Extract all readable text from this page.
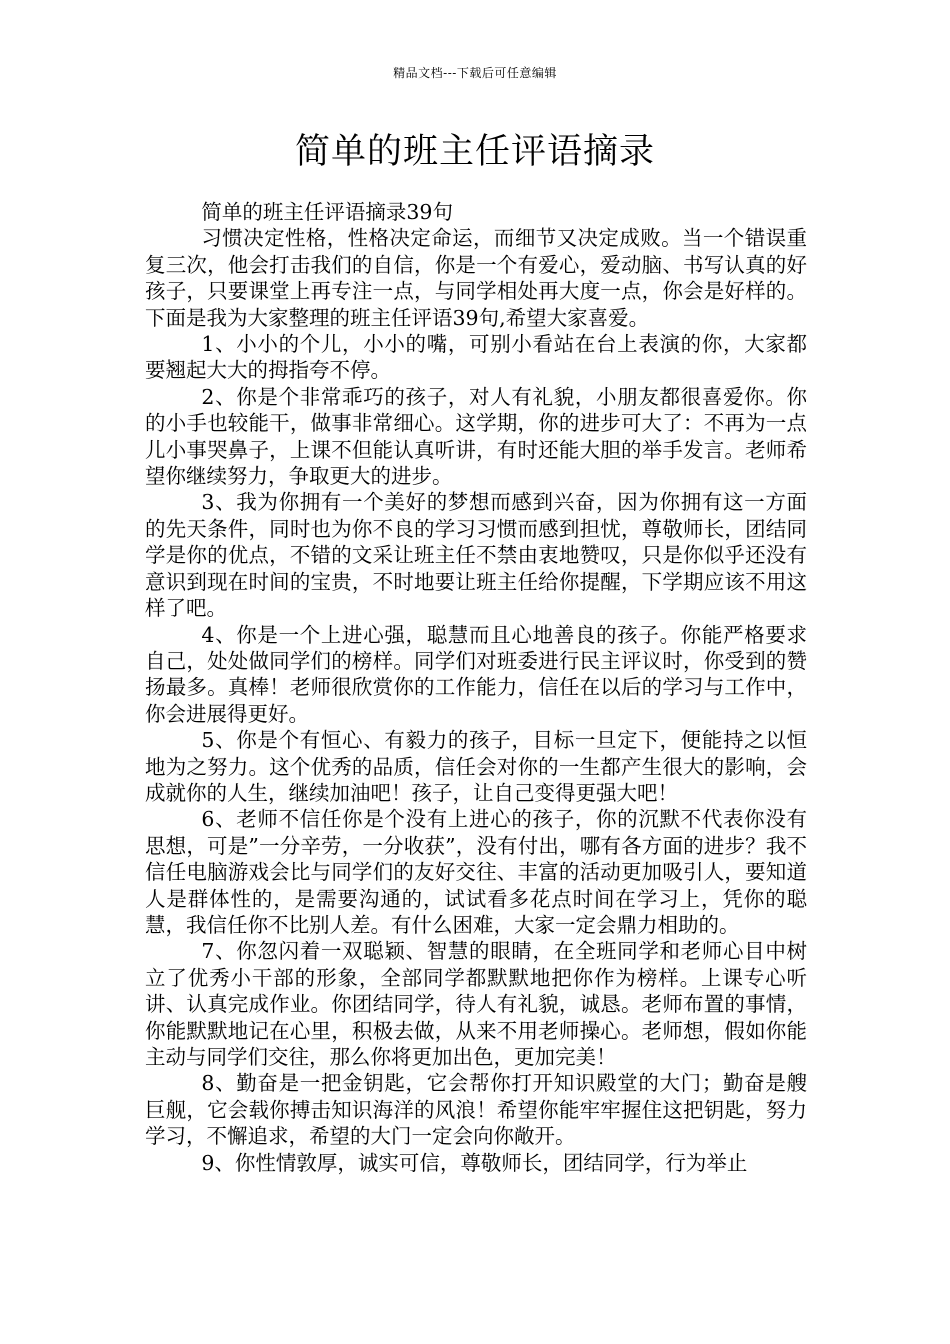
精品文档---下载后可任意编辑
简单的班主任评语摘录

简单的班主任评语摘录39句

习惯决定性格，性格决定命运，而细节又决定成败。当一个错误重复三次，他会打击我们的自信，你是一个有爱心，爱动脑、书写认真的好孩子，只要课堂上再专注一点，与同学相处再大度一点，你会是好样的。下面是我为大家整理的班主任评语39句,希望大家喜爱。

1、小小的个儿，小小的嘴，可别小看站在台上表演的你，大家都要翘起大大的拇指夸不停。

2、你是个非常乖巧的孩子，对人有礼貌，小朋友都很喜爱你。你的小手也较能干，做事非常细心。这学期，你的进步可大了：不再为一点儿小事哭鼻子，上课不但能认真听讲，有时还能大胆的举手发言。老师希望你继续努力，争取更大的进步。

3、我为你拥有一个美好的梦想而感到兴奋，因为你拥有这一方面的先天条件，同时也为你不良的学习习惯而感到担忧，尊敬师长，团结同学是你的优点，不错的文采让班主任不禁由衷地赞叹，只是你似乎还没有意识到现在时间的宝贵，不时地要让班主任给你提醒，下学期应该不用这样了吧。

4、你是一个上进心强，聪慧而且心地善良的孩子。你能严格要求自己，处处做同学们的榜样。同学们对班委进行民主评议时，你受到的赞扬最多。真棒！老师很欣赏你的工作能力，信任在以后的学习与工作中，你会进展得更好。

5、你是个有恒心、有毅力的孩子，目标一旦定下，便能持之以恒地为之努力。这个优秀的品质，信任会对你的一生都产生很大的影响，会成就你的人生，继续加油吧！孩子，让自己变得更强大吧！

6、老师不信任你是个没有上进心的孩子，你的沉默不代表你没有思想，可是”一分辛劳，一分收获”，没有付出，哪有各方面的进步？我不信任电脑游戏会比与同学们的友好交往、丰富的活动更加吸引人，要知道人是群体性的，是需要沟通的，试试看多花点时间在学习上，凭你的聪慧，我信任你不比别人差。有什么困难，大家一定会鼎力相助的。

7、你忽闪着一双聪颖、智慧的眼睛，在全班同学和老师心目中树立了优秀小干部的形象，全部同学都默默地把你作为榜样。上课专心听讲、认真完成作业。你团结同学，待人有礼貌，诚恳。老师布置的事情，你能默默地记在心里，积极去做，从来不用老师操心。老师想，假如你能主动与同学们交往，那么你将更加出色，更加完美！

8、勤奋是一把金钥匙，它会帮你打开知识殿堂的大门；勤奋是艘巨舰，它会载你搏击知识海洋的风浪！希望你能牢牢握住这把钥匙，努力学习，不懈追求，希望的大门一定会向你敞开。

9、你性情敦厚，诚实可信，尊敬师长，团结同学，行为举止
